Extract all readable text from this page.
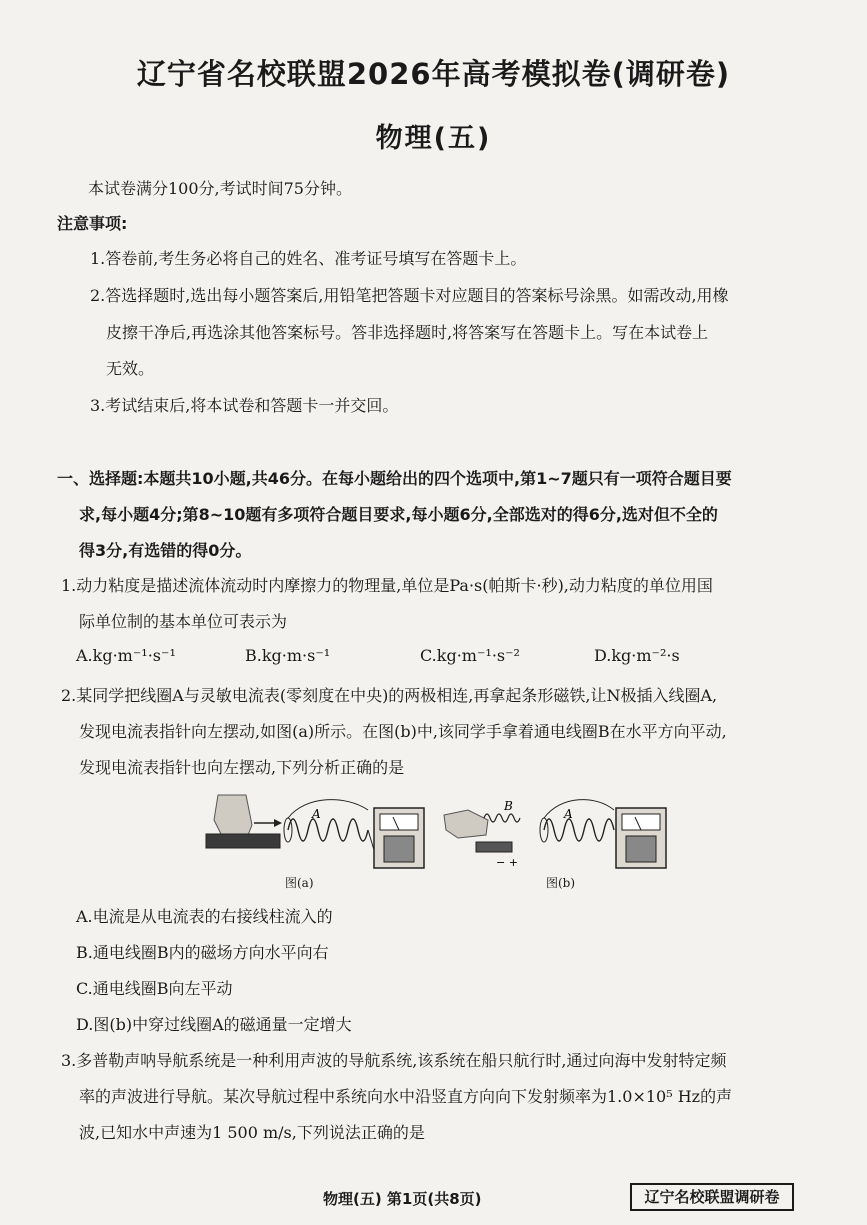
辽宁省名校联盟2026年高考模拟卷(调研卷)
物理(五)
本试卷满分100分,考试时间75分钟。
注意事项:
1.答卷前,考生务必将自己的姓名、准考证号填写在答题卡上。
2.答选择题时,选出每小题答案后,用铅笔把答题卡对应题目的答案标号涂黑。如需改动,用橡
皮擦干净后,再选涂其他答案标号。答非选择题时,将答案写在答题卡上。写在本试卷上
无效。
3.考试结束后,将本试卷和答题卡一并交回。
一、选择题:本题共10小题,共46分。在每小题给出的四个选项中,第1~7题只有一项符合题目要
求,每小题4分;第8~10题有多项符合题目要求,每小题6分,全部选对的得6分,选对但不全的
得3分,有选错的得0分。
1.动力粘度是描述流体流动时内摩擦力的物理量,单位是Pa·s(帕斯卡·秒),动力粘度的单位用国
际单位制的基本单位可表示为
A.kg·m⁻¹·s⁻¹	B.kg·m·s⁻¹	C.kg·m⁻¹·s⁻²	D.kg·m⁻²·s
2.某同学把线圈A与灵敏电流表(零刻度在中央)的两极相连,再拿起条形磁铁,让N极插入线圈A,
发现电流表指针向左摆动,如图(a)所示。在图(b)中,该同学手拿着通电线圈B在水平方向平动,
发现电流表指针也向左摆动,下列分析正确的是
A
− +
B
A
图(a)	图(b)
A.电流是从电流表的右接线柱流入的
B.通电线圈B内的磁场方向水平向右
C.通电线圈B向左平动
D.图(b)中穿过线圈A的磁通量一定增大
3.多普勒声呐导航系统是一种利用声波的导航系统,该系统在船只航行时,通过向海中发射特定频
率的声波进行导航。某次导航过程中系统向水中沿竖直方向向下发射频率为1.0×10⁵ Hz的声
波,已知水中声速为1 500 m/s,下列说法正确的是
物理(五) 第1页(共8页)	辽宁名校联盟调研卷
